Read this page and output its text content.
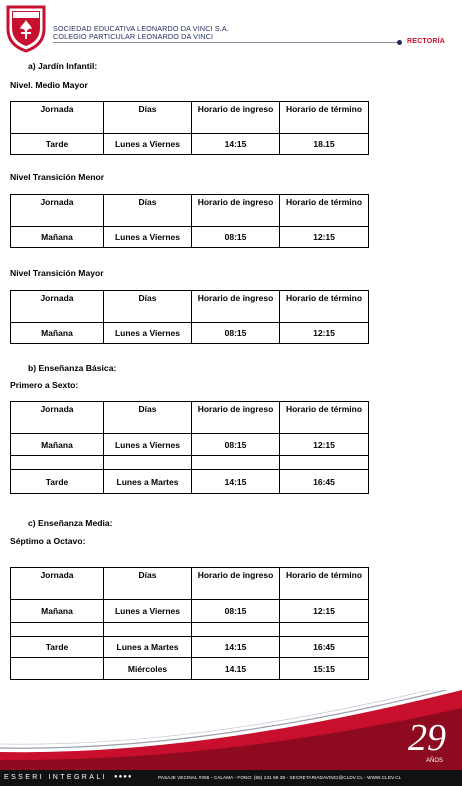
SOCIEDAD EDUCATIVA LEONARDO DA VINCI S.A.
COLEGIO PARTICULAR LEONARDO DA VINCI
RECTORÍA
a) Jardín Infantil:
Nivel. Medio Mayor
Jornada	Días	Horario de ingreso	Horario de término
Tarde	Lunes a Viernes	14:15	18.15
Nivel Transición Menor
Jornada	Días	Horario de ingreso	Horario de término
Mañana	Lunes a Viernes	08:15	12:15
Nivel Transición Mayor
Jornada	Días	Horario de ingreso	Horario de término
Mañana	Lunes a Viernes	08:15	12:15
b) Enseñanza Básica:
Primero a Sexto:
Jornada	Días	Horario de ingreso	Horario de término
Mañana	Lunes a Viernes	08:15	12:15

Tarde	Lunes a Martes	14:15	16:45
c) Enseñanza Media:
Séptimo a Octavo:
Jornada	Días	Horario de ingreso	Horario de término
Mañana	Lunes a Viernes	08:15	12:15

Tarde	Lunes a Martes	14:15	16:45
	Miércoles	14.15	15:15
29
AÑOS
ESSERI INTEGRALI ●●●●	PASAJE VECINAL #286 - CALAMA - FONO: (55) 231 69 39 - SECRETARIADAVINCI@CLDV.CL - WWW.CLDV.CL
